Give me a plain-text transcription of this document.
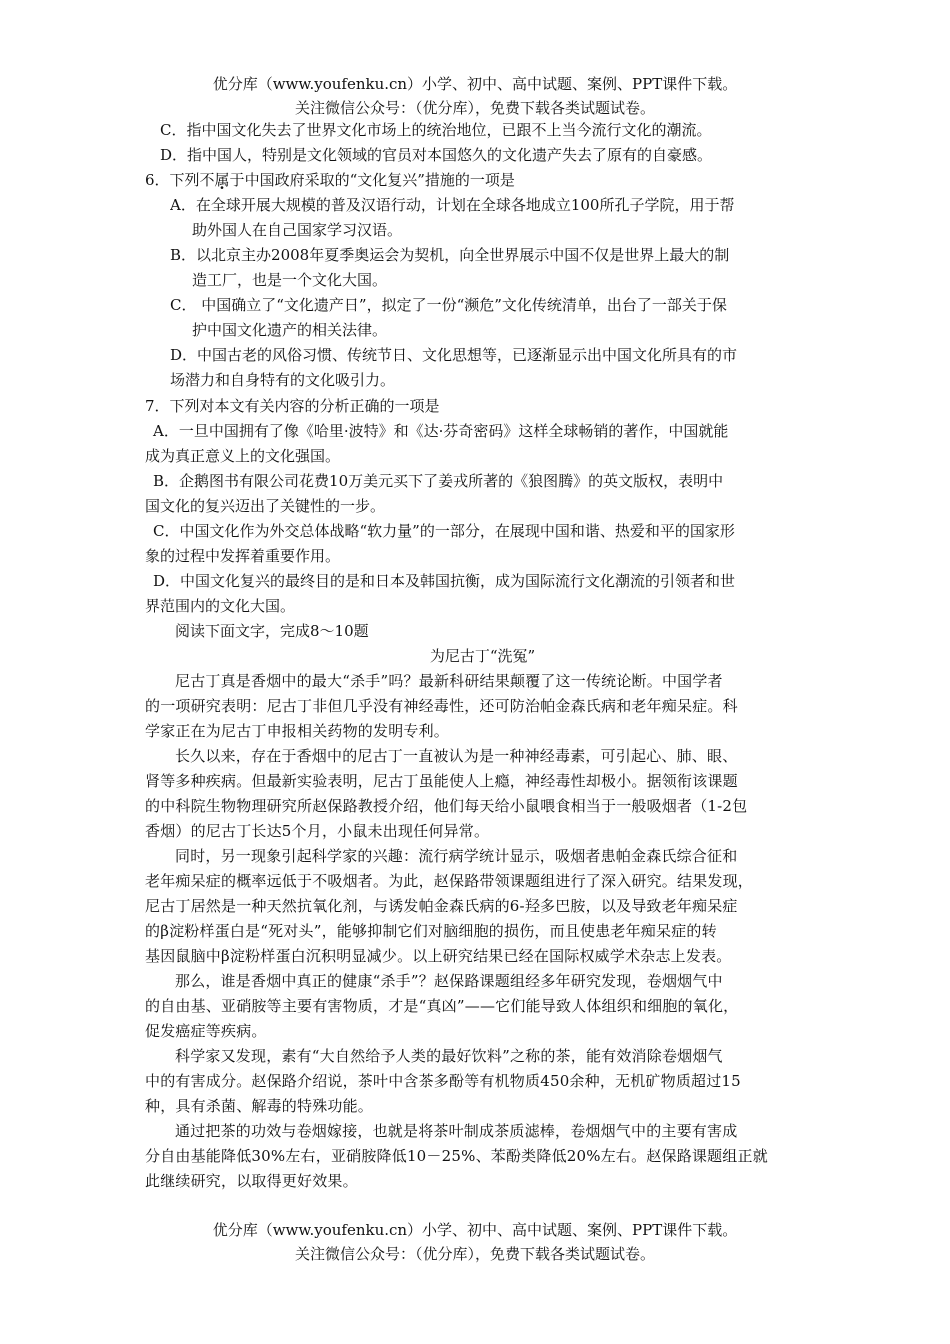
优分库（www.youfenku.cn）小学、初中、高中试题、案例、PPT课件下载。
关注微信公众号：（优分库），免费下载各类试题试卷。
C．指中国文化失去了世界文化市场上的统治地位，已跟不上当今流行文化的潮流。
D．指中国人，特别是文化领域的官员对本国悠久的文化遗产失去了原有的自豪感。
6．下列不属于中国政府采取的“文化复兴”措施的一项是
A．在全球开展大规模的普及汉语行动，计划在全球各地成立100所孔子学院，用于帮
助外国人在自己国家学习汉语。
B．以北京主办2008年夏季奥运会为契机，向全世界展示中国不仅是世界上最大的制
造工厂，也是一个文化大国。
C． 中国确立了“文化遗产日”，拟定了一份“濒危”文化传统清单，出台了一部关于保
护中国文化遗产的相关法律。
D．中国古老的风俗习惯、传统节日、文化思想等，已逐渐显示出中国文化所具有的市
场潜力和自身特有的文化吸引力。
7．下列对本文有关内容的分析正确的一项是
A．一旦中国拥有了像《哈里·波特》和《达·芬奇密码》这样全球畅销的著作，中国就能
成为真正意义上的文化强国。
B．企鹅图书有限公司花费10万美元买下了姜戎所著的《狼图腾》的英文版权，表明中
国文化的复兴迈出了关键性的一步。
C．中国文化作为外交总体战略“软力量”的一部分，在展现中国和谐、热爱和平的国家形
象的过程中发挥着重要作用。
D．中国文化复兴的最终目的是和日本及韩国抗衡，成为国际流行文化潮流的引领者和世
界范围内的文化大国。
阅读下面文字，完成8～10题
为尼古丁“洗冤”
尼古丁真是香烟中的最大“杀手”吗？最新科研结果颠覆了这一传统论断。中国学者
的一项研究表明：尼古丁非但几乎没有神经毒性，还可防治帕金森氏病和老年痴呆症。科
学家正在为尼古丁申报相关药物的发明专利。
长久以来，存在于香烟中的尼古丁一直被认为是一种神经毒素，可引起心、肺、眼、
肾等多种疾病。但最新实验表明，尼古丁虽能使人上瘾，神经毒性却极小。据领衔该课题
的中科院生物物理研究所赵保路教授介绍，他们每天给小鼠喂食相当于一般吸烟者（1-2包
香烟）的尼古丁长达5个月，小鼠未出现任何异常。
同时，另一现象引起科学家的兴趣：流行病学统计显示，吸烟者患帕金森氏综合征和
老年痴呆症的概率远低于不吸烟者。为此，赵保路带领课题组进行了深入研究。结果发现，
尼古丁居然是一种天然抗氧化剂，与诱发帕金森氏病的6-羟多巴胺，以及导致老年痴呆症
的β淀粉样蛋白是“死对头”，能够抑制它们对脑细胞的损伤，而且使患老年痴呆症的转
基因鼠脑中β淀粉样蛋白沉积明显减少。以上研究结果已经在国际权威学术杂志上发表。
那么，谁是香烟中真正的健康“杀手”？赵保路课题组经多年研究发现，卷烟烟气中
的自由基、亚硝胺等主要有害物质，才是“真凶”——它们能导致人体组织和细胞的氧化，
促发癌症等疾病。
科学家又发现，素有“大自然给予人类的最好饮料”之称的茶，能有效消除卷烟烟气
中的有害成分。赵保路介绍说，茶叶中含茶多酚等有机物质450余种，无机矿物质超过15
种，具有杀菌、解毒的特殊功能。
通过把茶的功效与卷烟嫁接，也就是将茶叶制成茶质滤棒，卷烟烟气中的主要有害成
分自由基能降低30%左右，亚硝胺降低10－25%、苯酚类降低20%左右。赵保路课题组正就
此继续研究，以取得更好效果。
优分库（www.youfenku.cn）小学、初中、高中试题、案例、PPT课件下载。
关注微信公众号：（优分库），免费下载各类试题试卷。
